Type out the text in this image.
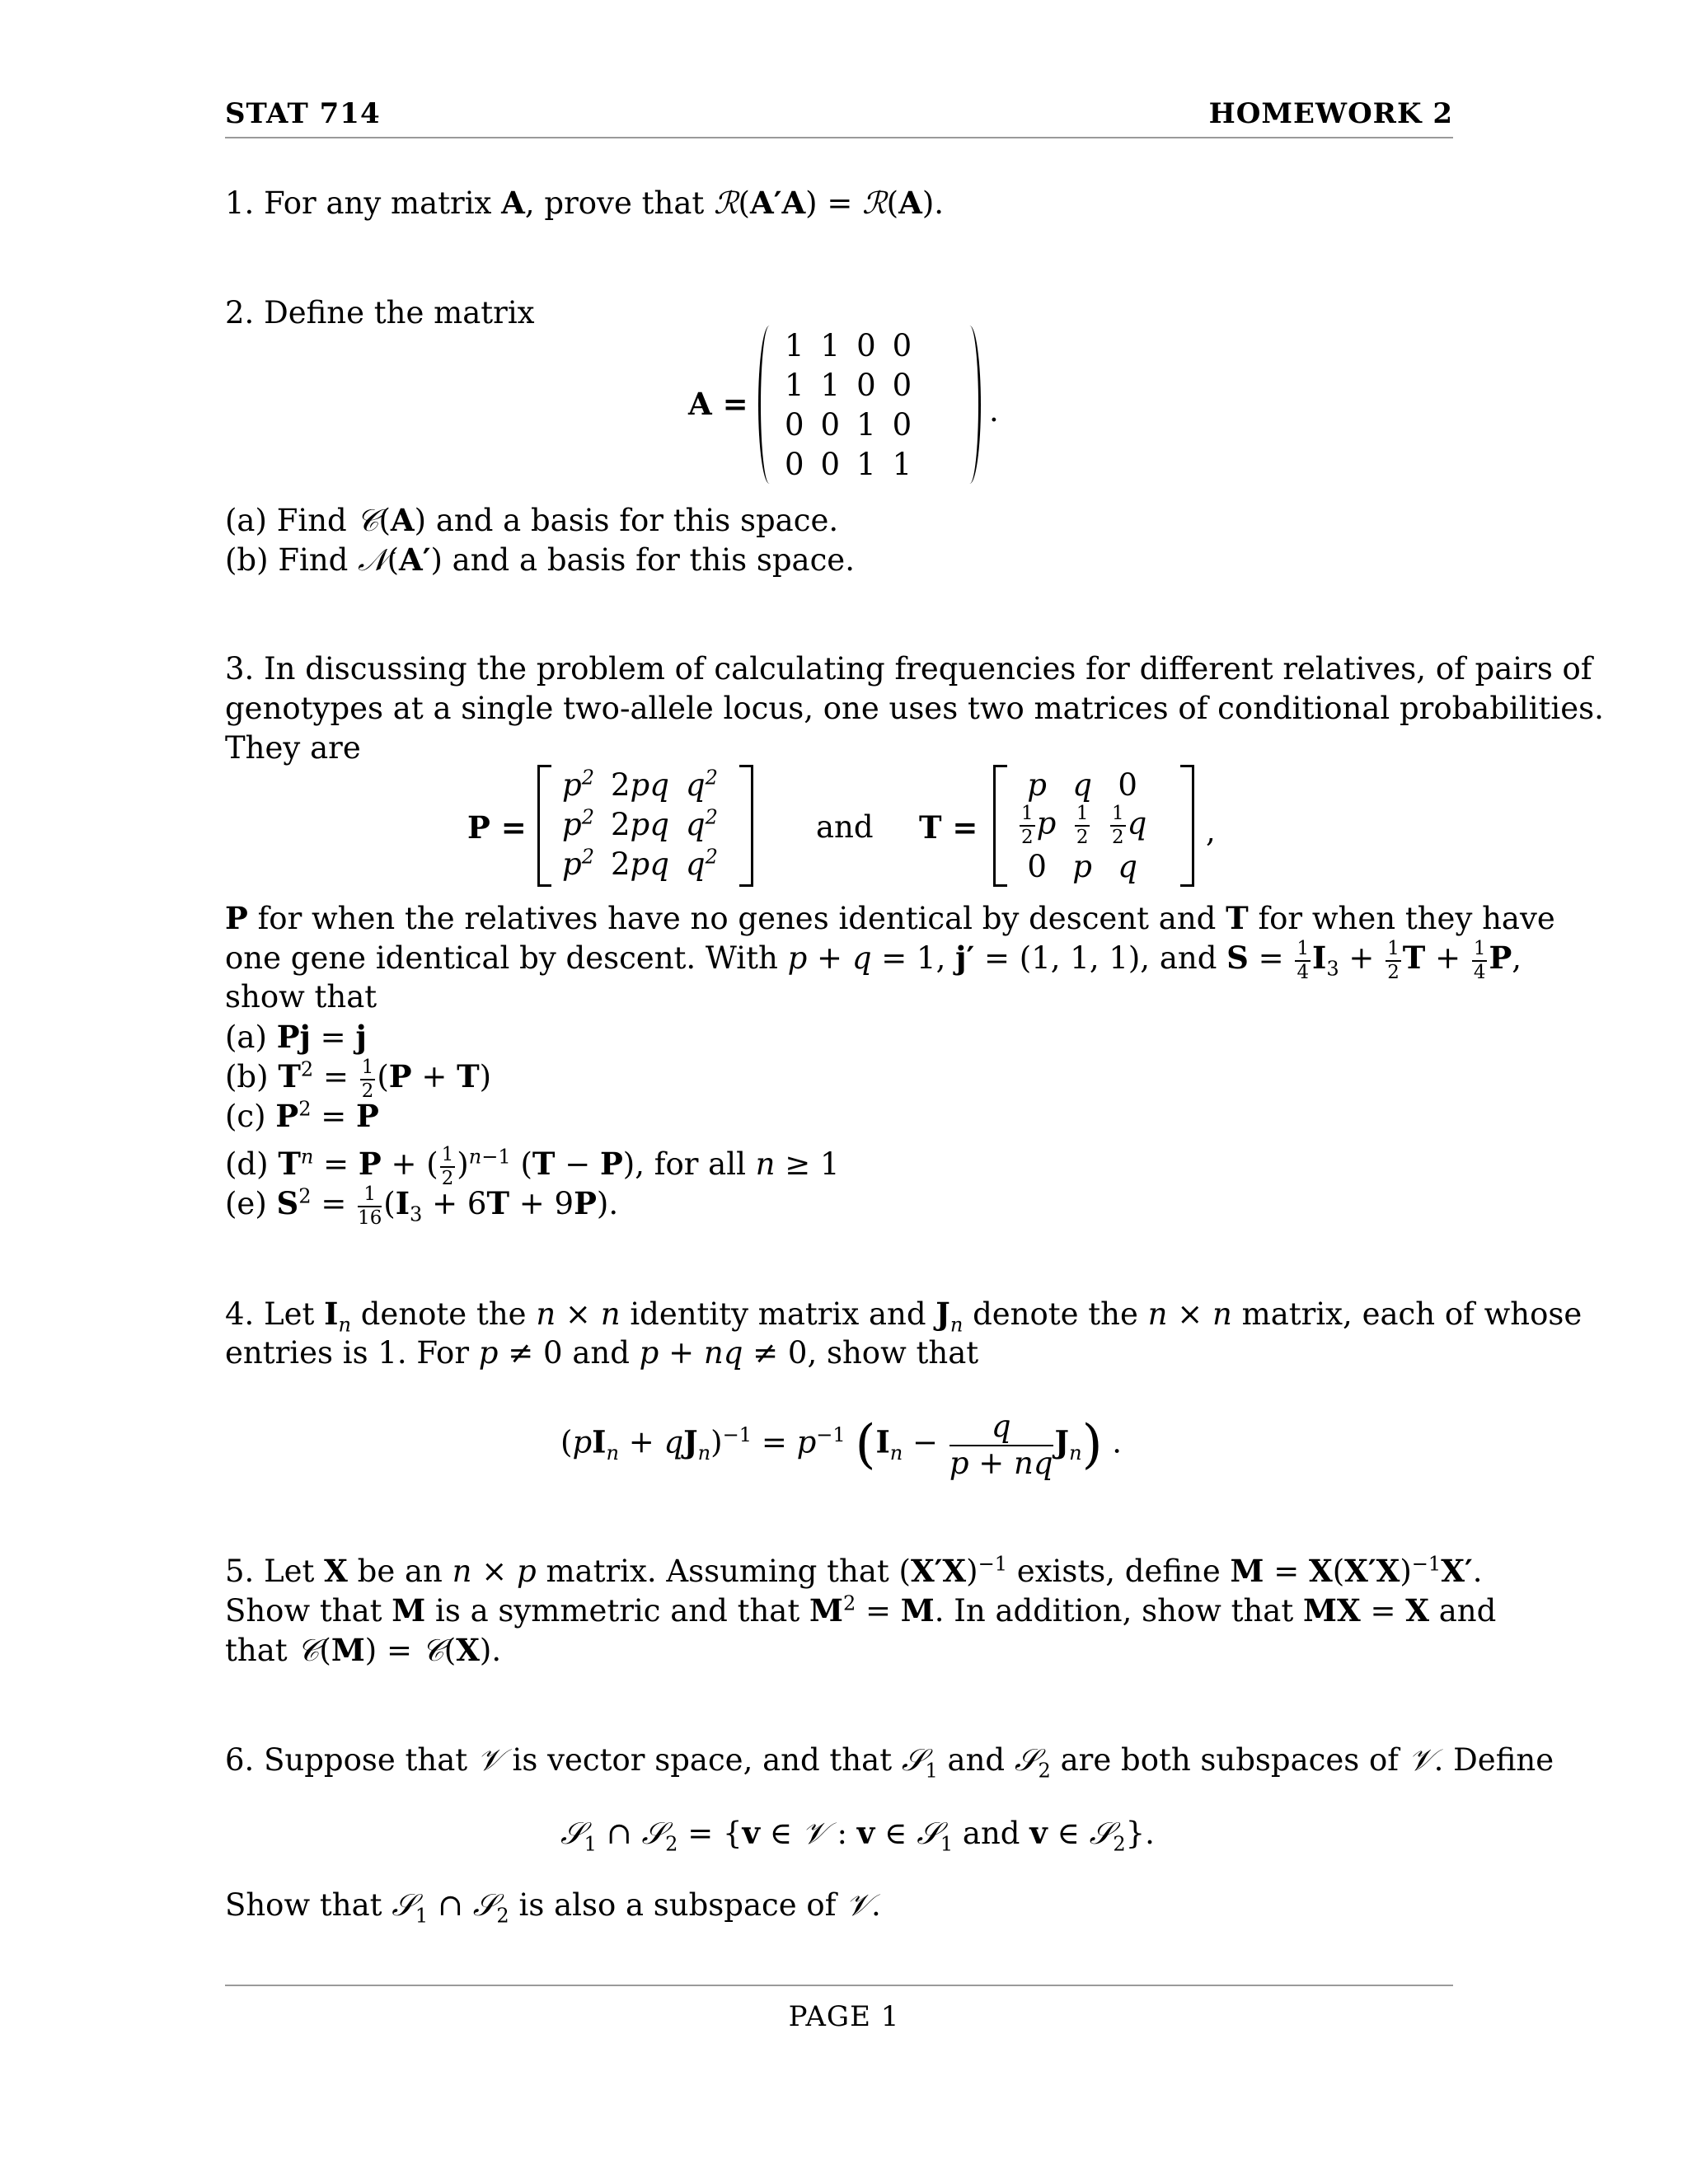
STAT 714	HOMEWORK 2
1. For any matrix A, prove that ℛ(A′A) = ℛ(A).
2. Define the matrix
A =
1	1	0	0
1	1	0	0
0	0	1	0
0	0	1	1
.
(a) Find 𝒞(A) and a basis for this space.
(b) Find 𝒩(A′) and a basis for this space.
3. In discussing the problem of calculating frequencies for different relatives, of pairs of
genotypes at a single two-allele locus, one uses two matrices of conditional probabilities.
They are
P =
$p^2$	2pq	$q^2$
$p^2$	2pq	$q^2$
$p^2$	2pq	$q^2$
and T =
p	q	0

$\frac{1}{2}$ p	$\frac{1}{2}$	$\frac{1}{2}$ q
0	p	q
,
P for when the relatives have no genes identical by descent and T for when they have
one gene identical by descent. With p + q = 1, j′ = (1, 1, 1), and $S = \frac{1}{4} I_3 + \frac{1}{2}$ $T + \frac{1}{4} P$,
show that
(a) Pj = j
(b) $T^2 = \frac{1}{2} (P + T)$
(c) $P^2 = P$
(d) $T^n = P$ + ( $\frac{1}{2} )^{n-1}$ (T − P), for all n ≥ 1
(e) $S^2 = \frac{1}{16} (I_3 + 6T + 9P)$.
4. Let $I_n$ denote the n × n identity matrix and $J_n$ denote the n × n matrix, each of whose
entries is 1. For p ≠ 0 and p + nq ≠ 0, show that
$(pI_n + qJ_n)^{-1} = p^{-1}$ $(I_n - \frac{q}{p + nq} J_n)$ .
5. Let X be an n × p matrix. Assuming that $(X'X)^{-1}$ exists, define $M = X(X'X)^{-1}X'$.
Show that M is a symmetric and that $M^2 = M$. In addition, show that MX = X and
that 𝒞(M) = 𝒞(X).
6. Suppose that 𝒱 is vector space, and that 𝒮$_1$ and 𝒮$_2$ are both subspaces of 𝒱. Define
𝒮$_1$ ∩ 𝒮$_2$ = {v ∈ 𝒱 : v ∈ 𝒮$_1$ and v ∈ 𝒮$_2$}.
Show that 𝒮$_1$ ∩ 𝒮$_2$ is also a subspace of 𝒱.
PAGE 1
